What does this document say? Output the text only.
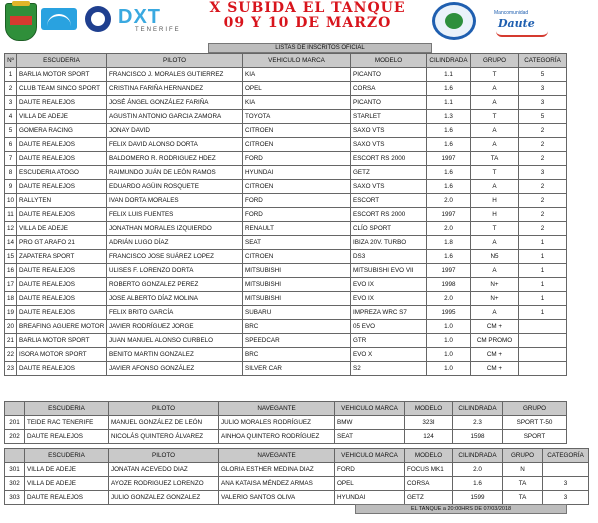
DXT
TENERIFE
X SUBIDA EL TANQUE
09 Y 10 DE MARZO
Mancomunidad
Daute
LISTAS DE INSCRITOS OFICIAL
Nº	ESCUDERIA	PILOTO	VEHICULO MARCA	MODELO	CILINDRADA	GRUPO	CATEGORÍA
1	BARLIA MOTOR SPORT	FRANCISCO J. MORALES GUTIERREZ	KIA	PICANTO	1.1	T	5
2	CLUB TEAM SINCO SPORT	CRISTINA FARIÑA HERNANDEZ	OPEL	CORSA	1.6	A	3
3	DAUTE REALEJOS	JOSÉ ÁNGEL GONZÁLEZ FARIÑA	KIA	PICANTO	1.1	A	3
4	VILLA DE ADEJE	AGUSTIN ANTONIO GARCIA ZAMORA	TOYOTA	STARLET	1.3	T	5
5	GOMERA RACING	JONAY DAVID	CITROEN	SAXO VTS	1.6	A	2
6	DAUTE REALEJOS	FELIX DAVID ALONSO DORTA	CITROEN	SAXO VTS	1.6	A	2
7	DAUTE REALEJOS	BALDOMERO R. RODRIGUEZ HDEZ	FORD	ESCORT RS 2000	1997	TA	2
8	ESCUDERIA ATOGO	RAIMUNDO JUÁN DE LEÓN RAMOS	HYUNDAI	GETZ	1.6	T	3
9	DAUTE REALEJOS	EDUARDO AGÜIN ROSQUETE	CITROEN	SAXO VTS	1.6	A	2
10	RALLYTEN	IVAN DORTA MORALES	FORD	ESCORT	2.0	H	2
11	DAUTE REALEJOS	FELIX LUIS FUENTES	FORD	ESCORT RS 2000	1997	H	2
12	VILLA DE ADEJE	JONATHAN MORALES IZQUIERDO	RENAULT	CLÍO SPORT	2.0	T	2
14	PRO GT ARAFO 21	ADRIÁN LUGO DÍAZ	SEAT	IBIZA 20V. TURBO	1.8	A	1
15	ZAPATERA SPORT	FRANCISCO JOSE SUÁREZ LOPEZ	CITROEN	DS3	1.6	N5	1
16	DAUTE REALEJOS	ULISES F. LORENZO DORTA	MITSUBISHI	MITSUBISHI EVO VII	1997	A	1
17	DAUTE REALEJOS	ROBERTO GONZALEZ PEREZ	MITSUBISHI	EVO IX	1998	N+	1
18	DAUTE REALEJOS	JOSE ALBERTO DÍAZ MOLINA	MITSUBISHI	EVO IX	2.0	N+	1
19	DAUTE REALEJOS	FELIX BRITO GARCÍA	SUBARU	IMPREZA WRC S7	1995	A	1
20	BREAFING AGUERE MOTOR	JAVIER RODRÍGUEZ JORGE	BRC	05 EVO	1.0	CM +	
21	BARLIA MOTOR SPORT	JUAN MANUEL ALONSO CURBELO	SPEEDCAR	GTR	1.0	CM PROMO	
22	ISORA MOTOR SPORT	BENITO MARTIN GONZALEZ	BRC	EVO X	1.0	CM +	
23	DAUTE REALEJOS	JAVIER AFONSO GONZÁLEZ	SILVER CAR	S2	1.0	CM +	
	ESCUDERIA	PILOTO	NAVEGANTE	VEHICULO MARCA	MODELO	CILINDRADA	GRUPO
201	TEIDE RAC TENERIFE	MANUEL GONZÁLEZ DE LEÓN	JULIO MORALES RODRÍGUEZ	BMW	323I	2.3	SPORT T-50
202	DAUTE REALEJOS	NICOLÁS QUINTERO ÁLVAREZ	AINHOA QUINTERO RODRÍGUEZ	SEAT	124	1598	SPORT
	ESCUDERIA	PILOTO	NAVEGANTE	VEHICULO MARCA	MODELO	CILINDRADA	GRUPO	CATEGORÍA
301	VILLA DE ADEJE	JONATAN ACEVEDO DIAZ	GLORIA ESTHER MEDINA DIAZ	FORD	FOCUS MK1	2.0	N	
302	VILLA DE ADEJE	AYOZE RODRIGUEZ LORENZO	ANA KATAISA MÉNDEZ ARMAS	OPEL	CORSA	1.6	TA	3
303	DAUTE REALEJOS	JULIO GONZALEZ GONZALEZ	VALERIO SANTOS OLIVA	HYUNDAI	GETZ	1599	TA	3
EL TANQUE a 20:00HRS DE 07/03/2018
